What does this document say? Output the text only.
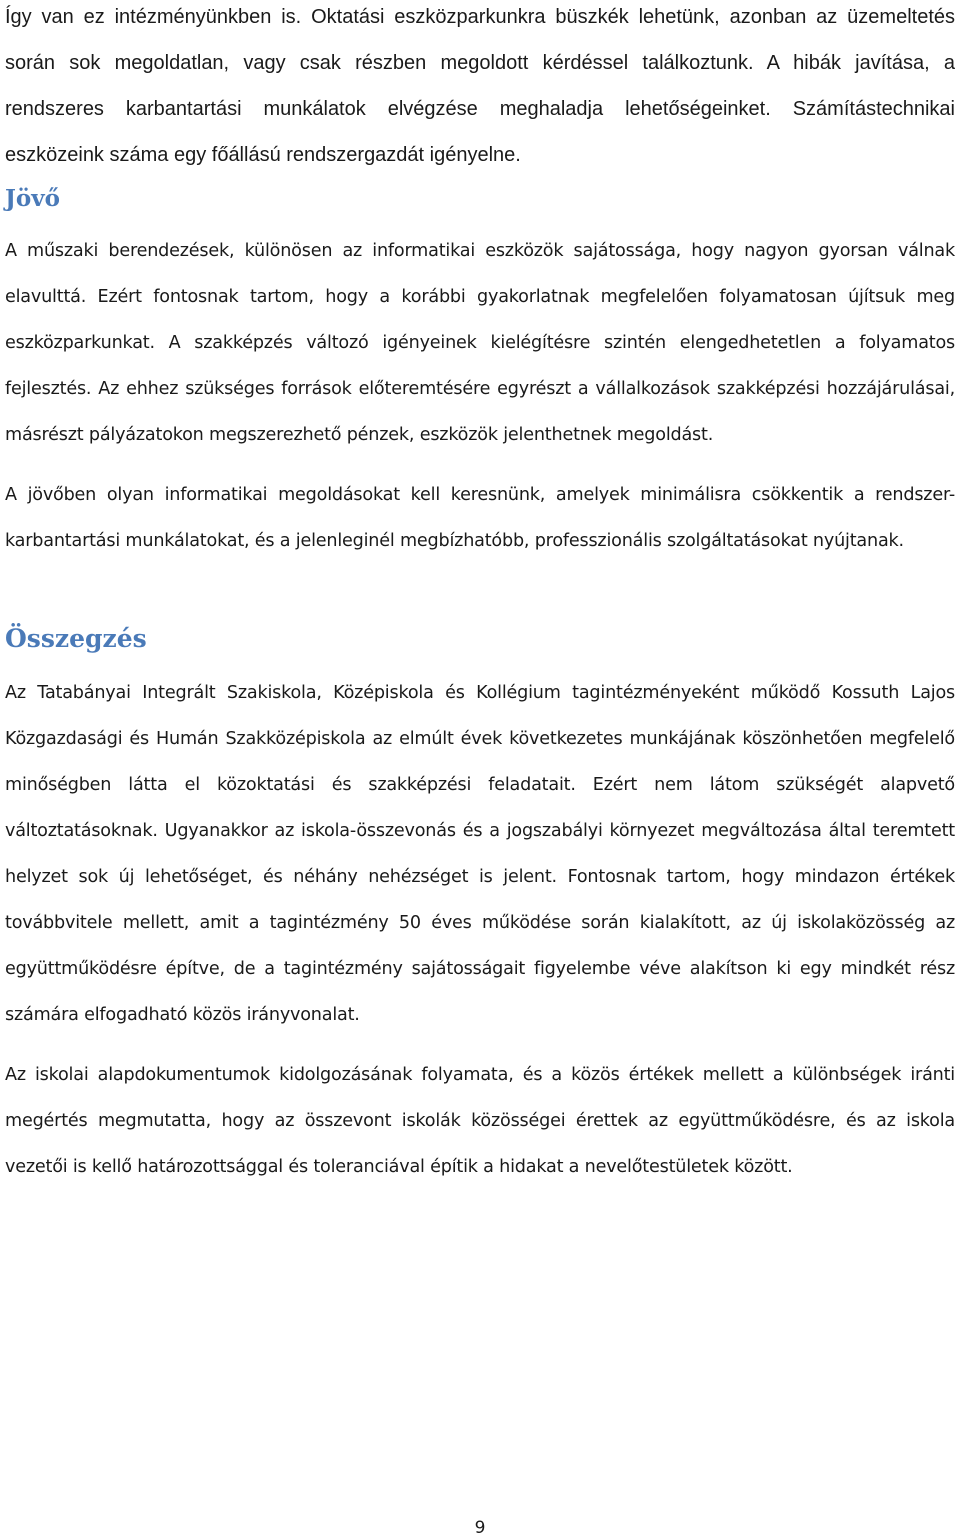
Így van ez intézményünkben is. Oktatási eszközparkunkra büszkék lehetünk, azonban az üzemeltetés során sok megoldatlan, vagy csak részben megoldott kérdéssel találkoztunk. A hibák javítása, a rendszeres karbantartási munkálatok elvégzése meghaladja lehetőségeinket. Számítástechnikai eszközeink száma egy főállású rendszergazdát igényelne.

Jövő

A műszaki berendezések, különösen az informatikai eszközök sajátossága, hogy nagyon gyorsan válnak elavulttá. Ezért fontosnak tartom, hogy a korábbi gyakorlatnak megfelelően folyamatosan újítsuk meg eszközparkunkat. A szakképzés változó igényeinek kielégítésre szintén elengedhetetlen a folyamatos fejlesztés. Az ehhez szükséges források előteremtésére egyrészt a vállalkozások szakképzési hozzájárulásai, másrészt pályázatokon megszerezhető pénzek, eszközök jelenthetnek megoldást.

A jövőben olyan informatikai megoldásokat kell keresnünk, amelyek minimálisra csökkentik a rendszer-karbantartási munkálatokat, és a jelenleginél megbízhatóbb, professzionális szolgáltatásokat nyújtanak.

Összegzés

Az Tatabányai Integrált Szakiskola, Középiskola és Kollégium tagintézményeként működő Kossuth Lajos Közgazdasági és Humán Szakközépiskola az elmúlt évek következetes munkájának köszönhetően megfelelő minőségben látta el közoktatási és szakképzési feladatait. Ezért nem látom szükségét alapvető változtatásoknak. Ugyanakkor az iskola-összevonás és a jogszabályi környezet megváltozása által teremtett helyzet sok új lehetőséget, és néhány nehézséget is jelent. Fontosnak tartom, hogy mindazon értékek továbbvitele mellett, amit a tagintézmény 50 éves működése során kialakított, az új iskolaközösség az együttműködésre építve, de a tagintézmény sajátosságait figyelembe véve alakítson ki egy mindkét rész számára elfogadható közös irányvonalat.

Az iskolai alapdokumentumok kidolgozásának folyamata, és a közös értékek mellett a különbségek iránti megértés megmutatta, hogy az összevont iskolák közösségei érettek az együttműködésre, és az iskola vezetői is kellő határozottsággal és toleranciával építik a hidakat a nevelőtestületek között.

9
